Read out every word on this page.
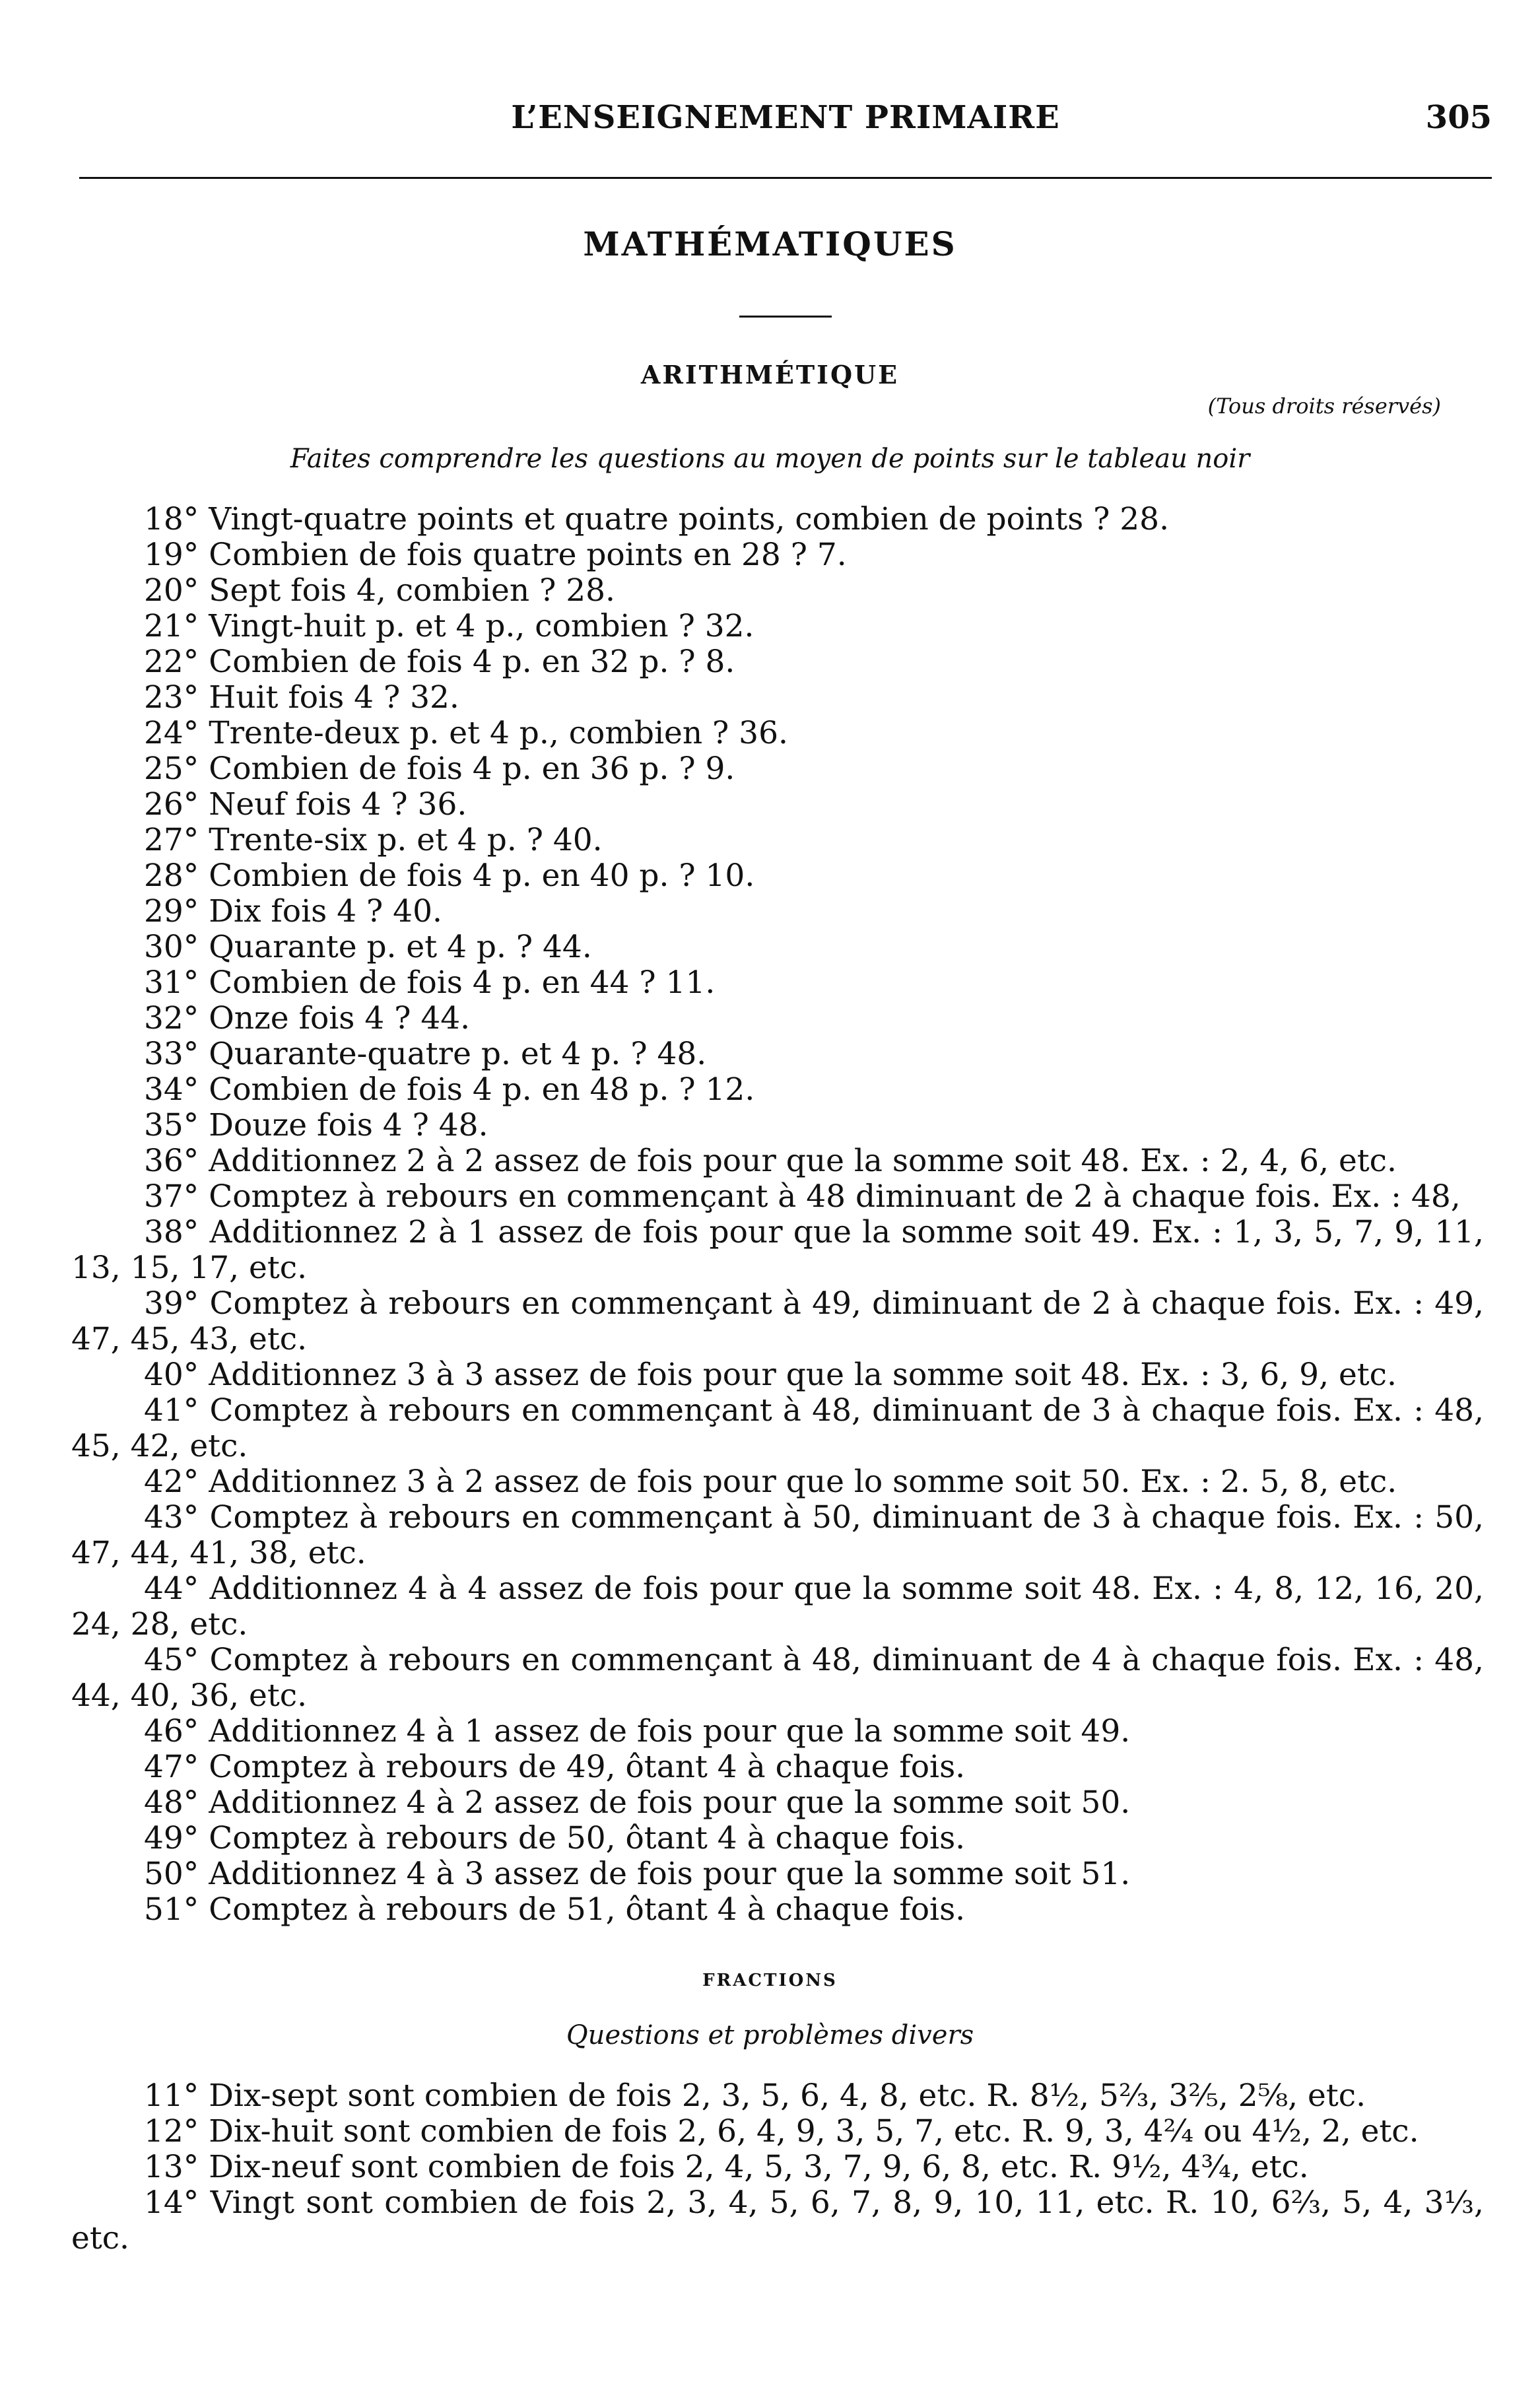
L’ENSEIGNEMENT PRIMAIRE	305
MATHÉMATIQUES
ARITHMÉTIQUE
(Tous droits réservés)
Faites comprendre les questions au moyen de points sur le tableau noir
18° Vingt-quatre points et quatre points, combien de points ? 28.
19° Combien de fois quatre points en 28 ? 7.
20° Sept fois 4, combien ? 28.
21° Vingt-huit p. et 4 p., combien ? 32.
22° Combien de fois 4 p. en 32 p. ? 8.
23° Huit fois 4 ? 32.
24° Trente-deux p. et 4 p., combien ? 36.
25° Combien de fois 4 p. en 36 p. ? 9.
26° Neuf fois 4 ? 36.
27° Trente-six p. et 4 p. ? 40.
28° Combien de fois 4 p. en 40 p. ? 10.
29° Dix fois 4 ? 40.
30° Quarante p. et 4 p. ? 44.
31° Combien de fois 4 p. en 44 ? 11.
32° Onze fois 4 ? 44.
33° Quarante-quatre p. et 4 p. ? 48.
34° Combien de fois 4 p. en 48 p. ? 12.
35° Douze fois 4 ? 48.
36° Additionnez 2 à 2 assez de fois pour que la somme soit 48. Ex. : 2, 4, 6, etc.
37° Comptez à rebours en commençant à 48 diminuant de 2 à chaque fois. Ex. : 48,
38° Additionnez 2 à 1 assez de fois pour que la somme soit 49. Ex. : 1, 3, 5, 7, 9, 11, 13, 15, 17, etc.
39° Comptez à rebours en commençant à 49, diminuant de 2 à chaque fois. Ex. : 49, 47, 45, 43, etc.
40° Additionnez 3 à 3 assez de fois pour que la somme soit 48. Ex. : 3, 6, 9, etc.
41° Comptez à rebours en commençant à 48, diminuant de 3 à chaque fois. Ex. : 48, 45, 42, etc.
42° Additionnez 3 à 2 assez de fois pour que lo somme soit 50. Ex. : 2. 5, 8, etc.
43° Comptez à rebours en commençant à 50, diminuant de 3 à chaque fois. Ex. : 50, 47, 44, 41, 38, etc.
44° Additionnez 4 à 4 assez de fois pour que la somme soit 48. Ex. : 4, 8, 12, 16, 20, 24, 28, etc.
45° Comptez à rebours en commençant à 48, diminuant de 4 à chaque fois. Ex. : 48, 44, 40, 36, etc.
46° Additionnez 4 à 1 assez de fois pour que la somme soit 49.
47° Comptez à rebours de 49, ôtant 4 à chaque fois.
48° Additionnez 4 à 2 assez de fois pour que la somme soit 50.
49° Comptez à rebours de 50, ôtant 4 à chaque fois.
50° Additionnez 4 à 3 assez de fois pour que la somme soit 51.
51° Comptez à rebours de 51, ôtant 4 à chaque fois.
FRACTIONS
Questions et problèmes divers
11° Dix-sept sont combien de fois 2, 3, 5, 6, 4, 8, etc. R. 8½, 5⅔, 3⅖, 2⅝, etc.
12° Dix-huit sont combien de fois 2, 6, 4, 9, 3, 5, 7, etc. R. 9, 3, 4²⁄₄ ou 4½, 2, etc.
13° Dix-neuf sont combien de fois 2, 4, 5, 3, 7, 9, 6, 8, etc. R. 9½, 4¾, etc.
14° Vingt sont combien de fois 2, 3, 4, 5, 6, 7, 8, 9, 10, 11, etc. R. 10, 6⅔, 5, 4, 3⅓, etc.
